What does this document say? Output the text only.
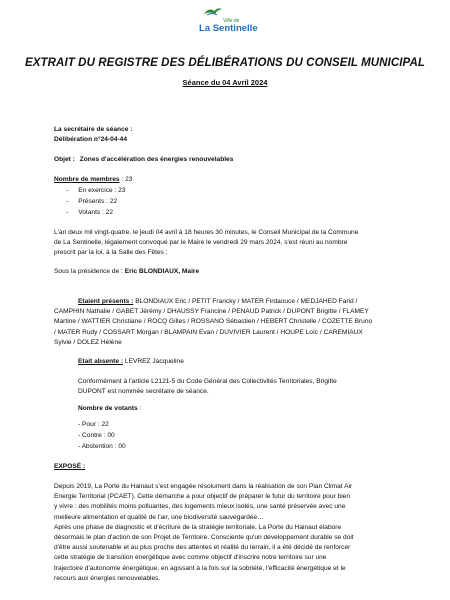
Ville de
La Sentinelle
EXTRAIT DU REGISTRE DES DÉLIBÉRATIONS DU CONSEIL MUNICIPAL
Séance du 04 Avril 2024
La secrétaire de séance :
Délibération n°24-04-44
Objet : Zones d'accélération des énergies renouvelables
Nombre de membres : 23
- En exercice : 23
- Présents : 22
- Votants : 22
L'an deux mil vingt-quatre, le jeudi 04 avril à 18 heures 30 minutes, le Conseil Municipal de la Commune
de La Sentinelle, légalement convoqué par le Maire le vendredi 29 mars 2024, s'est réuni au nombre
prescrit par la loi, à la Salle des Fêtes ;
Sous la présidence de : Eric BLONDIAUX, Maire
Etaient présents : BLONDIAUX Eric / PETIT Francky / MATER Firdaouce / MEDJAHED Farid /
CAMPHIN Nathalie / GABET Jérémy / DHAUSSY Francine / PENAUD Patrick / DUPONT Brigitte / FLAMEY
Martine / WATTIER Christiane / ROCQ Gilles / ROSSANO Sébastien / HEBERT Christelle / COZETTE Bruno
/ MATER Rudy / COSSART Morgan / BLAMPAIN Evan / DUVIVIER Laurent / HOUPE Loïc / CAREMIAUX
Sylvie / DOLEZ Hélène
Etait absente : LEVREZ Jacqueline
Conformément à l'article L2121-5 du Code Général des Collectivités Territoriales, Brigitte
DUPONT est nommée secrétaire de séance.
Nombre de votants :
- Pour : 22
- Contre : 00
- Abstention : 00
EXPOSÉ :
Depuis 2019, La Porte du Hainaut s'est engagée résolument dans la réalisation de son Plan Climat Air
Energie Territorial (PCAET). Cette démarche a pour objectif de préparer le futur du territoire pour bien
y vivre : des mobilités moins polluantes, des logements mieux isolés, une santé préservée avec une
meilleure alimentation et qualité de l'air, une biodiversité sauvegardée…
Après une phase de diagnostic et d'écriture de la stratégie territoriale, La Porte du Hainaut élabore
désormais le plan d'action de son Projet de Territoire. Consciente qu'un développement durable se doit
d'être aussi soutenable et au plus proche des attentes et réalité du terrain, il a été décidé de renforcer
cette stratégie de transition énergétique avec comme objectif d'inscrire notre territoire sur une
trajectoire d'autonomie énergétique, en agissant à la fois sur la sobriété, l'efficacité énergétique et le
recours aux énergies renouvelables.
